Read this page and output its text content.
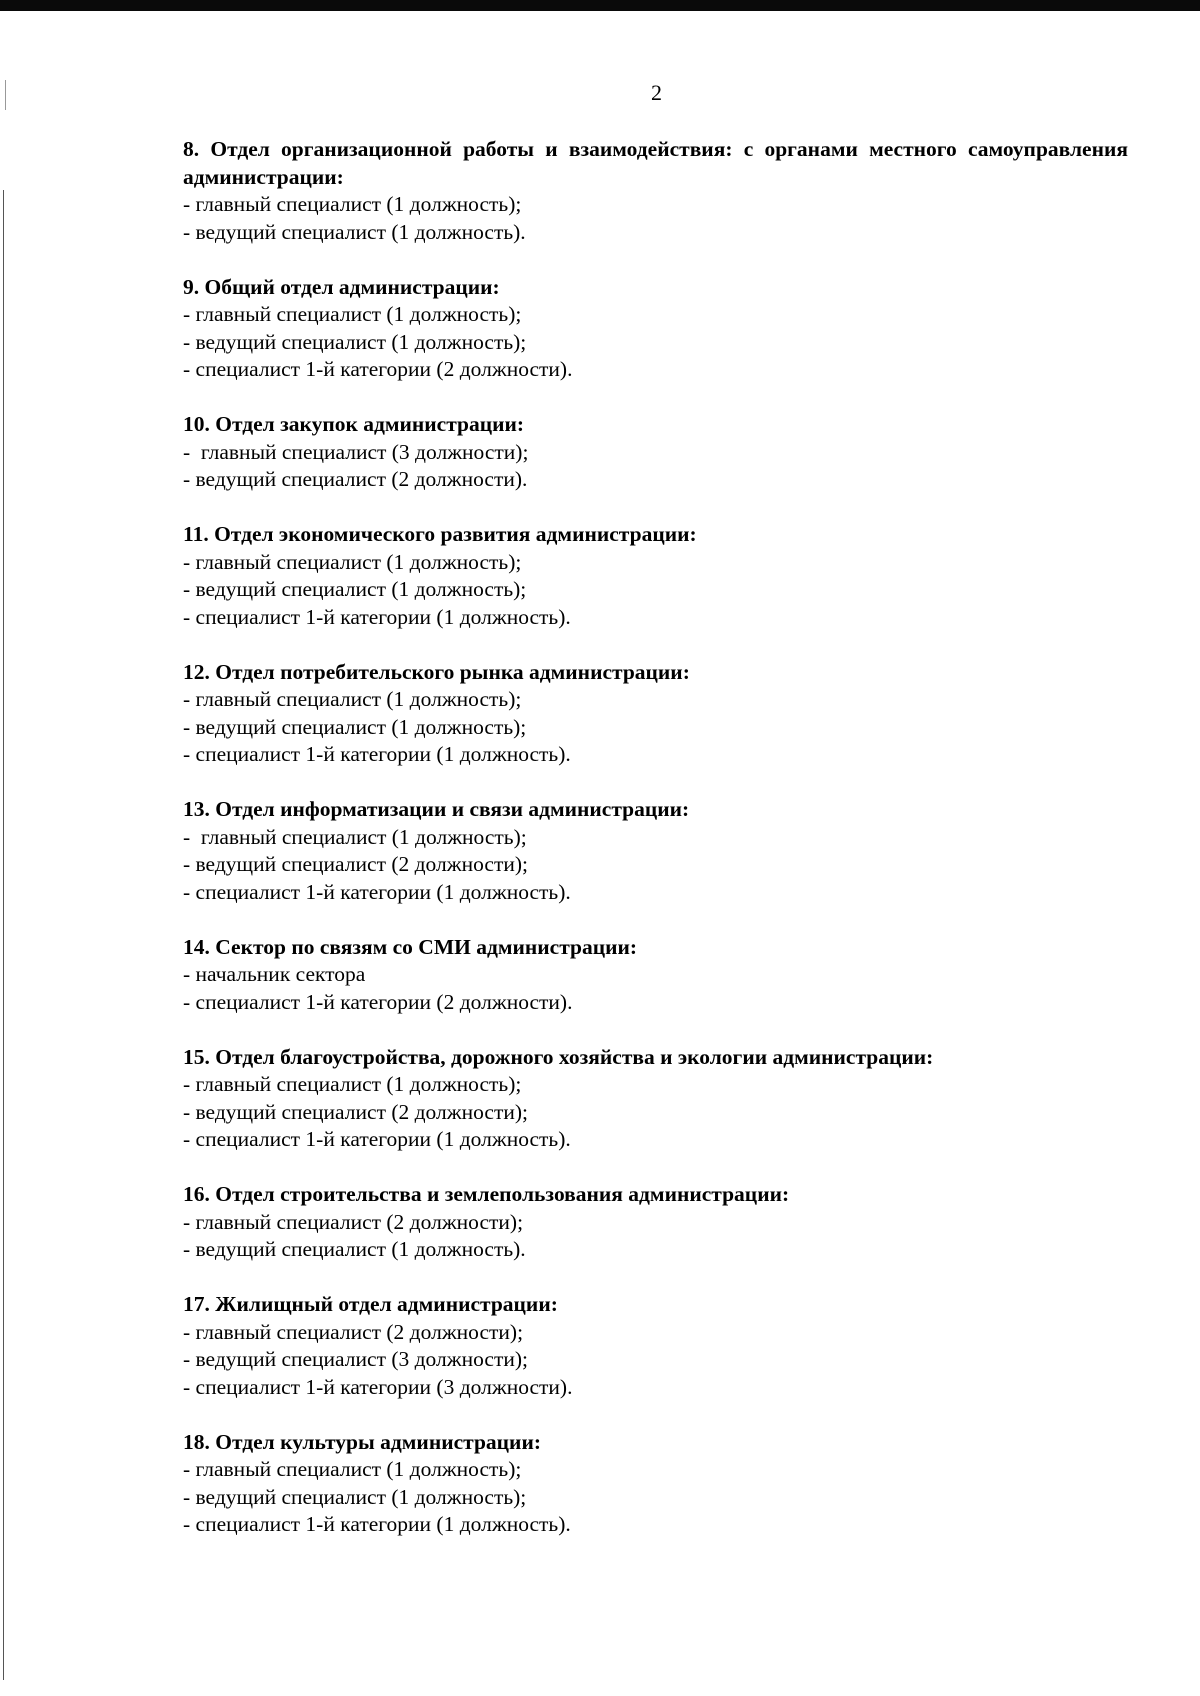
2

8. Отдел организационной работы и взаимодействия: с органами местного самоуправления администрации:

- главный специалист (1 должность);

- ведущий специалист (1 должность).

9. Общий отдел администрации:

- главный специалист (1 должность);

- ведущий специалист (1 должность);

- специалист 1-й категории (2 должности).

10. Отдел закупок администрации:

-  главный специалист (3 должности);

- ведущий специалист (2 должности).

11. Отдел экономического развития администрации:

- главный специалист (1 должность);

- ведущий специалист (1 должность);

- специалист 1-й категории (1 должность).

12. Отдел потребительского рынка администрации:

- главный специалист (1 должность);

- ведущий специалист (1 должность);

- специалист 1-й категории (1 должность).

13. Отдел информатизации и связи администрации:

-  главный специалист (1 должность);

- ведущий специалист (2 должности);

- специалист 1-й категории (1 должность).

14. Сектор по связям со СМИ администрации:

- начальник сектора

- специалист 1-й категории (2 должности).

15. Отдел благоустройства, дорожного хозяйства и экологии администрации:

- главный специалист (1 должность);

- ведущий специалист (2 должности);

- специалист 1-й категории (1 должность).

16. Отдел строительства и землепользования администрации:

- главный специалист (2 должности);

- ведущий специалист (1 должность).

17. Жилищный отдел администрации:

- главный специалист (2 должности);

- ведущий специалист (3 должности);

- специалист 1-й категории (3 должности).

18. Отдел культуры администрации:

- главный специалист (1 должность);

- ведущий специалист (1 должность);

- специалист 1-й категории (1 должность).
